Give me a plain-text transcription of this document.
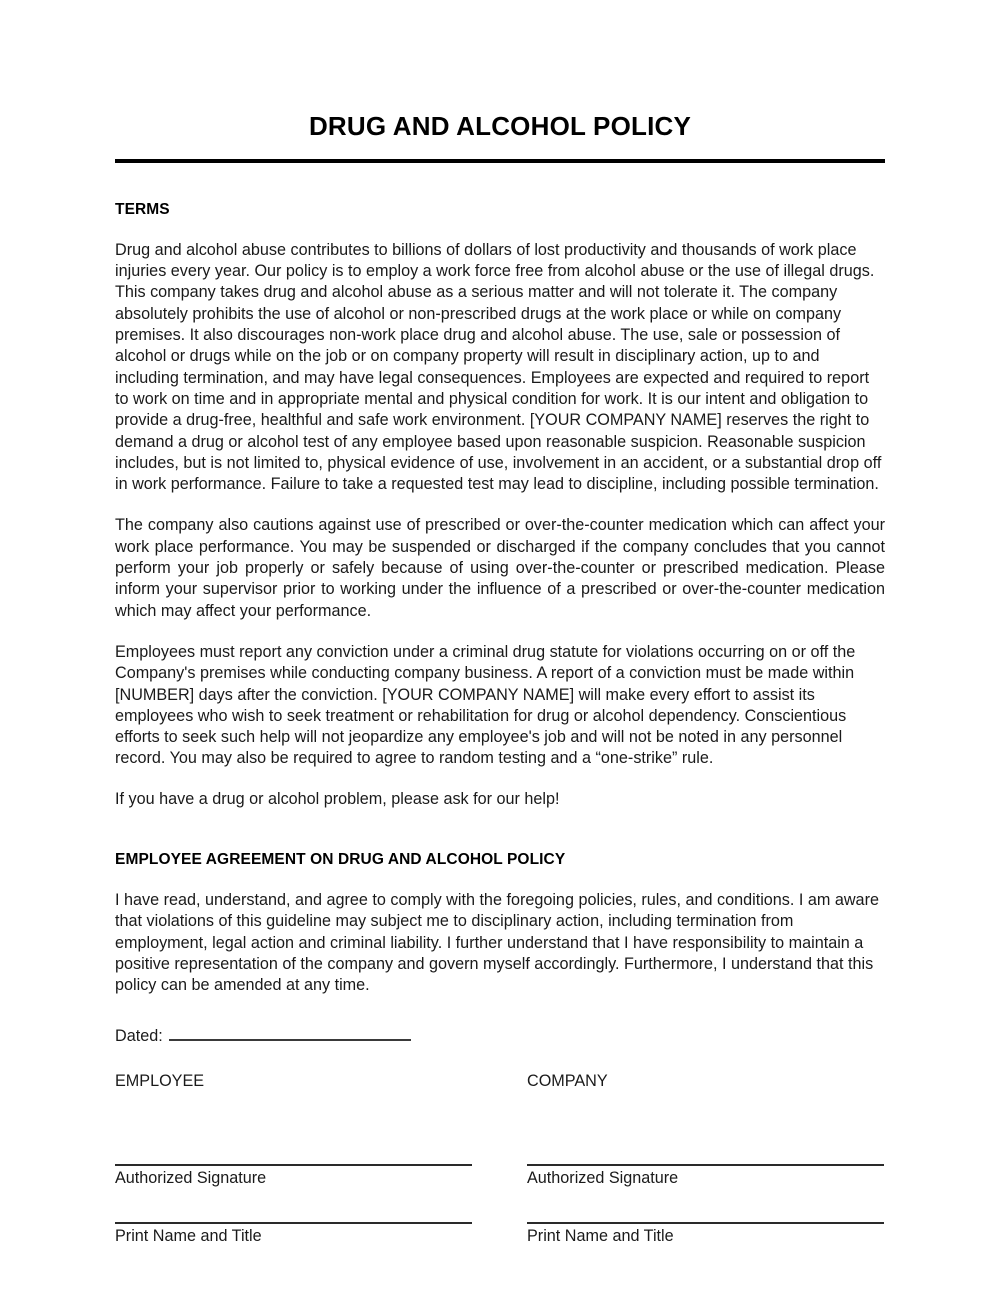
DRUG AND ALCOHOL POLICY
TERMS

Drug and alcohol abuse contributes to billions of dollars of lost productivity and thousands of work place injuries every year. Our policy is to employ a work force free from alcohol abuse or the use of illegal drugs. This company takes drug and alcohol abuse as a serious matter and will not tolerate it. The company absolutely prohibits the use of alcohol or non-prescribed drugs at the work place or while on company premises. It also discourages non-work place drug and alcohol abuse. The use, sale or possession of alcohol or drugs while on the job or on company property will result in disciplinary action, up to and including termination, and may have legal consequences. Employees are expected and required to report to work on time and in appropriate mental and physical condition for work. It is our intent and obligation to provide a drug-free, healthful and safe work environment. [YOUR COMPANY NAME] reserves the right to demand a drug or alcohol test of any employee based upon reasonable suspicion. Reasonable suspicion includes, but is not limited to, physical evidence of use, involvement in an accident, or a substantial drop off in work performance. Failure to take a requested test may lead to discipline, including possible termination.

The company also cautions against use of prescribed or over-the-counter medication which can affect your work place performance. You may be suspended or discharged if the company concludes that you cannot perform your job properly or safely because of using over-the-counter or prescribed medication. Please inform your supervisor prior to working under the influence of a prescribed or over-the-counter medication which may affect your performance.

Employees must report any conviction under a criminal drug statute for violations occurring on or off the Company's premises while conducting company business. A report of a conviction must be made within [NUMBER] days after the conviction. [YOUR COMPANY NAME] will make every effort to assist its employees who wish to seek treatment or rehabilitation for drug or alcohol dependency. Conscientious efforts to seek such help will not jeopardize any employee's job and will not be noted in any personnel record. You may also be required to agree to random testing and a “one-strike” rule.

If you have a drug or alcohol problem, please ask for our help!

EMPLOYEE AGREEMENT ON DRUG AND ALCOHOL POLICY

I have read, understand, and agree to comply with the foregoing policies, rules, and conditions. I am aware that violations of this guideline may subject me to disciplinary action, including termination from employment, legal action and criminal liability. I further understand that I have responsibility to maintain a positive representation of the company and govern myself accordingly. Furthermore, I understand that this policy can be amended at any time.

Dated:
EMPLOYEE	COMPANY
Authorized Signature	Authorized Signature
Print Name and Title	Print Name and Title
